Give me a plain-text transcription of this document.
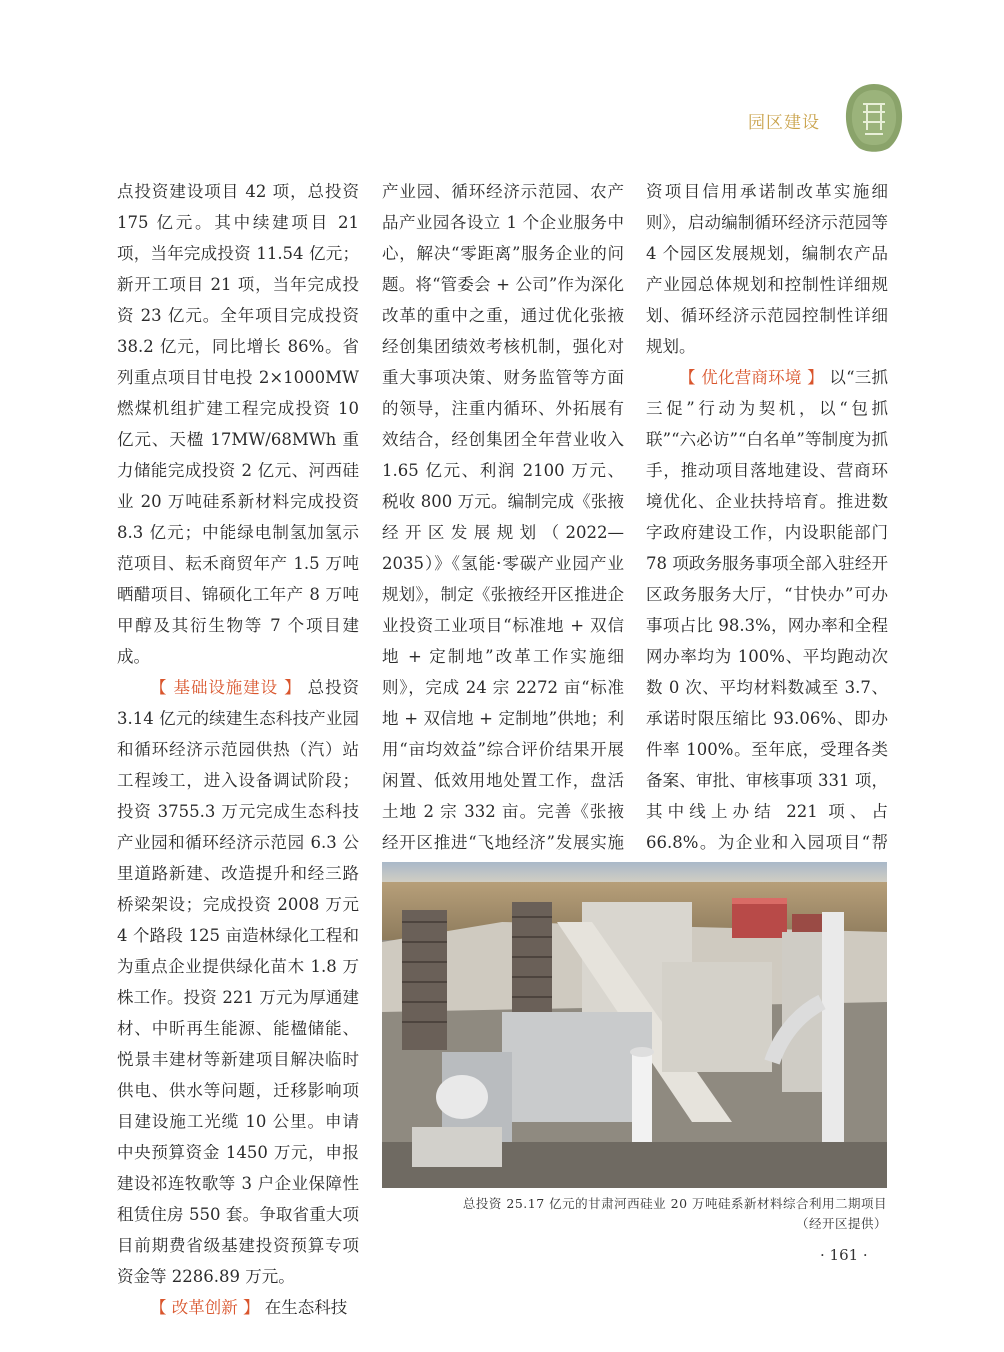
园区建设

点投资建设项目 42 项，总投资 175 亿元。其中续建项目 21 项，当年完成投资 11.54 亿元；新开工项目 21 项，当年完成投资 23 亿元。全年项目完成投资 38.2 亿元，同比增长 86%。省列重点项目甘电投 2×1000MW 燃煤机组扩建工程完成投资 10 亿元、天楹 17MW/68MWh 重力储能完成投资 2 亿元、河西硅业 20 万吨硅系新材料完成投资 8.3 亿元；中能绿电制氢加氢示范项目、耘禾商贸年产 1.5 万吨晒醋项目、锦硕化工年产 8 万吨甲醇及其衍生物等 7 个项目建成。

【 基础设施建设 】 总投资 3.14 亿元的续建生态科技产业园和循环经济示范园供热（汽）站工程竣工，进入设备调试阶段；投资 3755.3 万元完成生态科技产业园和循环经济示范园 6.3 公里道路新建、改造提升和经三路桥梁架设；完成投资 2008 万元 4 个路段 125 亩造林绿化工程和为重点企业提供绿化苗木 1.8 万株工作。投资 221 万元为厚通建材、中昕再生能源、能楹储能、悦景丰建材等新建项目解决临时供电、供水等问题，迁移影响项目建设施工光缆 10 公里。申请中央预算资金 1450 万元，申报建设祁连牧歌等 3 户企业保障性租赁住房 550 套。争取省重大项目前期费省级基建投资预算专项资金等 2286.89 万元。

【 改革创新 】 在生态科技

产业园、循环经济示范园、农产品产业园各设立 1 个企业服务中心，解决“零距离”服务企业的问题。将“管委会 + 公司”作为深化改革的重中之重，通过优化张掖经创集团绩效考核机制，强化对重大事项决策、财务监管等方面的领导，注重内循环、外拓展有效结合，经创集团全年营业收入 1.65 亿元、利润 2100 万元、税收 800 万元。编制完成《张掖经开区发展规划（2022—2035）》《氢能·零碳产业园产业规划》，制定《张掖经开区推进企业投资工业项目“标准地 + 双信地 + 定制地”改革工作实施细则》，完成 24 宗 2272 亩“标准地 + 双信地 + 定制地”供地；利用“亩均效益”综合评价结果开展闲置、低效用地处置工作，盘活土地 2 宗 332 亩。完善《张掖经开区推进“飞地经济”发展实施

资项目信用承诺制改革实施细则》，启动编制循环经济示范园等 4 个园区发展规划，编制农产品产业园总体规划和控制性详细规划、循环经济示范园控制性详细规划。

【 优化营商环境 】 以“三抓三促”行动为契机，以“包抓联”“六必访”“白名单”等制度为抓手，推动项目落地建设、营商环境优化、企业扶持培育。推进数字政府建设工作，内设职能部门 78 项政务服务事项全部入驻经开区政务服务大厅，“甘快办”可办事项占比 98.3%，网办率和全程网办率均为 100%、平均跑动次数 0 次、平均材料数减至 3.7、承诺时限压缩比 93.06%、即办件率 100%。至年底，受理各类备案、审批、审核事项 331 项，其中线上办结 221 项、占 66.8%。为企业和入园项目“帮

总投资 25.17 亿元的甘肃河西硅业 20 万吨硅系新材料综合利用二期项目
（经开区提供）
· 161 ·
